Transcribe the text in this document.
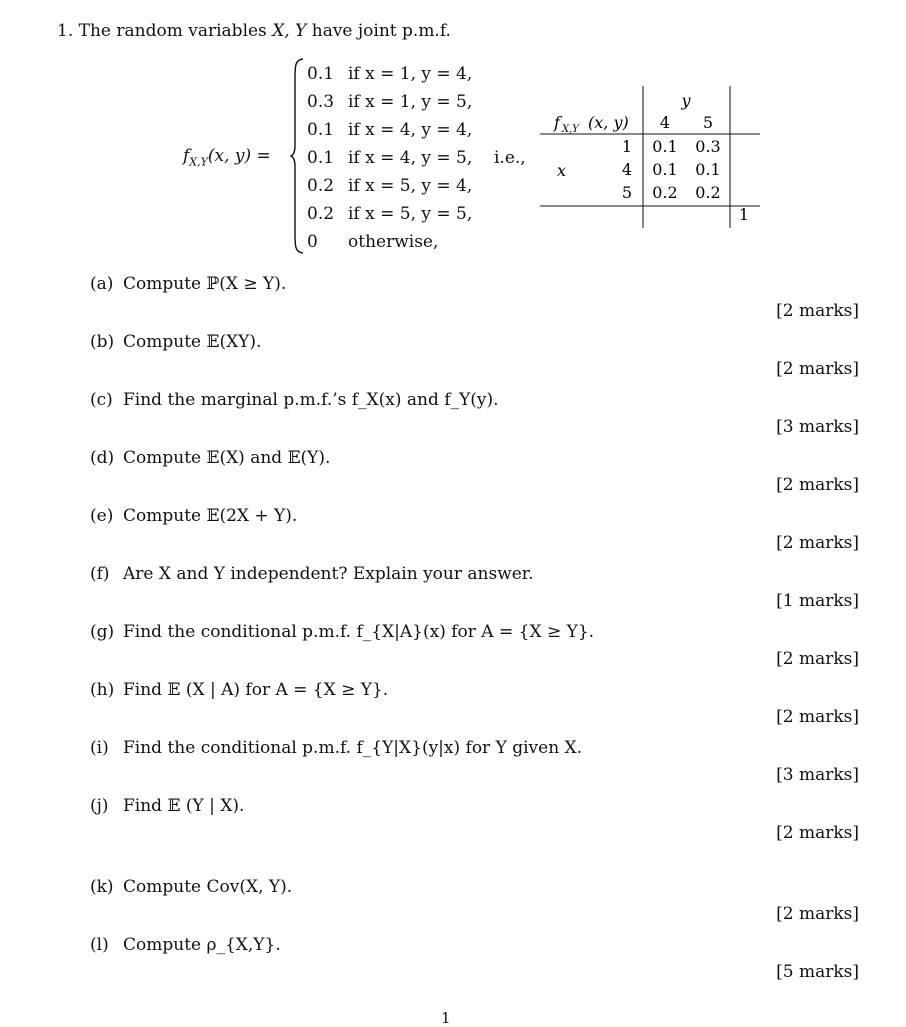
1. The random variables X, Y have joint p.m.f.
$f_{X,Y}(x$, y) =
0.1 if x = 1, y = 4,
0.3 if x = 1, y = 5,
0.1 if x = 4, y = 4,
0.1 if x = 4, y = 5,
0.2 if x = 5, y = 4,
0.2 if x = 5, y = 5,
0	otherwise,
i.e.,
y
f X,Y (x, y) 4 5
x
1 0.1 0.3
4 0.1 0.1
5 0.2 0.2
1
(a) Compute ℙ(X ≥ Y).
[2 marks]
(b) Compute 𝔼(XY).
[2 marks]
(c) Find the marginal p.m.f.’s f_X(x) and f_Y(y).
[3 marks]
(d) Compute 𝔼(X) and 𝔼(Y).
[2 marks]
(e) Compute 𝔼(2X + Y).
[2 marks]
(f) Are X and Y independent? Explain your answer.
[1 marks]
(g) Find the conditional p.m.f. f_{X|A}(x) for A = {X ≥ Y}.
[2 marks]
(h) Find 𝔼 (X | A) for A = {X ≥ Y}.
[2 marks]
(i) Find the conditional p.m.f. f_{Y|X}(y|x) for Y given X.
[3 marks]
(j) Find 𝔼 (Y | X).
[2 marks]
(k) Compute Cov(X, Y).
[2 marks]
(l) Compute ρ_{X,Y}.
[5 marks]
1
